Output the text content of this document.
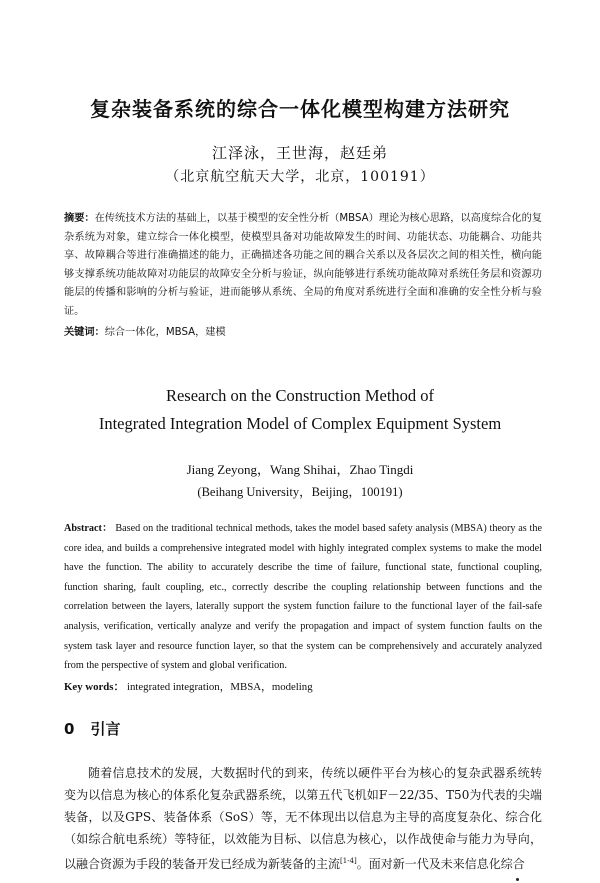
复杂装备系统的综合一体化模型构建方法研究
江泽泳，王世海，赵廷弟
（北京航空航天大学，北京，100191）
摘要：在传统技术方法的基础上，以基于模型的安全性分析（MBSA）理论为核心思路，以高度综合化的复杂系统为对象，建立综合一体化模型，使模型具备对功能故障发生的时间、功能状态、功能耦合、功能共享、故障耦合等进行准确描述的能力，正确描述各功能之间的耦合关系以及各层次之间的相关性，横向能够支撑系统功能故障对功能层的故障安全分析与验证，纵向能够进行系统功能故障对系统任务层和资源功能层的传播和影响的分析与验证，进而能够从系统、全局的角度对系统进行全面和准确的安全性分析与验证。
关键词：综合一体化，MBSA，建模
Research on the Construction Method of
Integrated Integration Model of Complex Equipment System
Jiang Zeyong，Wang Shihai，Zhao Tingdi
(Beihang University，Beijing，100191)
Abstract： Based on the traditional technical methods, takes the model based safety analysis (MBSA) theory as the core idea, and builds a comprehensive integrated model with highly integrated complex systems to make the model have the function. The ability to accurately describe the time of failure, functional state, functional coupling, function sharing, fault coupling, etc., correctly describe the coupling relationship between functions and the correlation between the layers, laterally support the system function failure to the functional layer of the fail-safe analysis, verification, vertically analyze and verify the propagation and impact of system function faults on the system task layer and resource function layer, so that the system can be comprehensively and accurately analyzed from the perspective of system and global verification.
Key words： integrated integration，MBSA，modeling
0 引言

随着信息技术的发展，大数据时代的到来，传统以硬件平台为核心的复杂武器系统转变为以信息为核心的体系化复杂武器系统，以第五代飞机如F－22/35、T50为代表的尖端装备，以及GPS、装备体系（SoS）等，无不体现出以信息为主导的高度复杂化、综合化（如综合航电系统）等特征，以效能为目标、以信息为核心，以作战使命与能力为导向，以融合资源为手段的装备开发已经成为新装备的主流[1-4]。面对新一代及未来信息化综合
